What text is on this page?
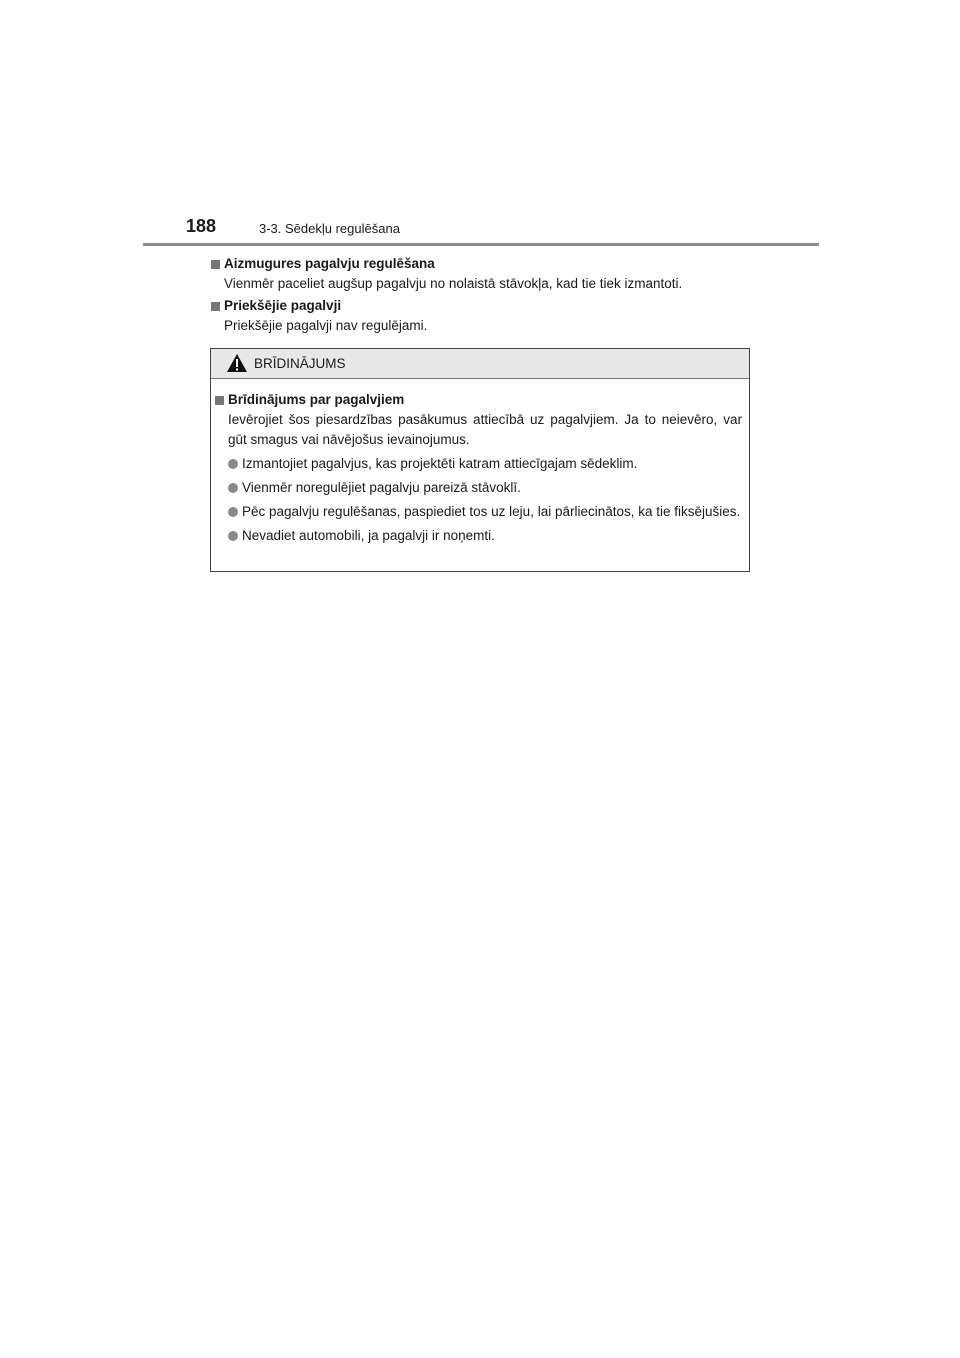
188	3-3. Sēdekļu regulēšana
Aizmugures pagalvju regulēšana
Vienmēr paceliet augšup pagalvju no nolaistā stāvokļa, kad tie tiek izmantoti.
Priekšējie pagalvji
Priekšējie pagalvji nav regulējami.
BRĪDINĀJUMS
Brīdinājums par pagalvjiem
Ievērojiet šos piesardzības pasākumus attiecībā uz pagalvjiem. Ja to neievēro, var gūt smagus vai nāvējošus ievainojumus.
Izmantojiet pagalvjus, kas projektēti katram attiecīgajam sēdeklim.
Vienmēr noregulējiet pagalvju pareizā stāvoklī.
Pēc pagalvju regulēšanas, paspiediet tos uz leju, lai pārliecinātos, ka tie fiksējušies.
Nevadiet automobili, ja pagalvji ir noņemti.
